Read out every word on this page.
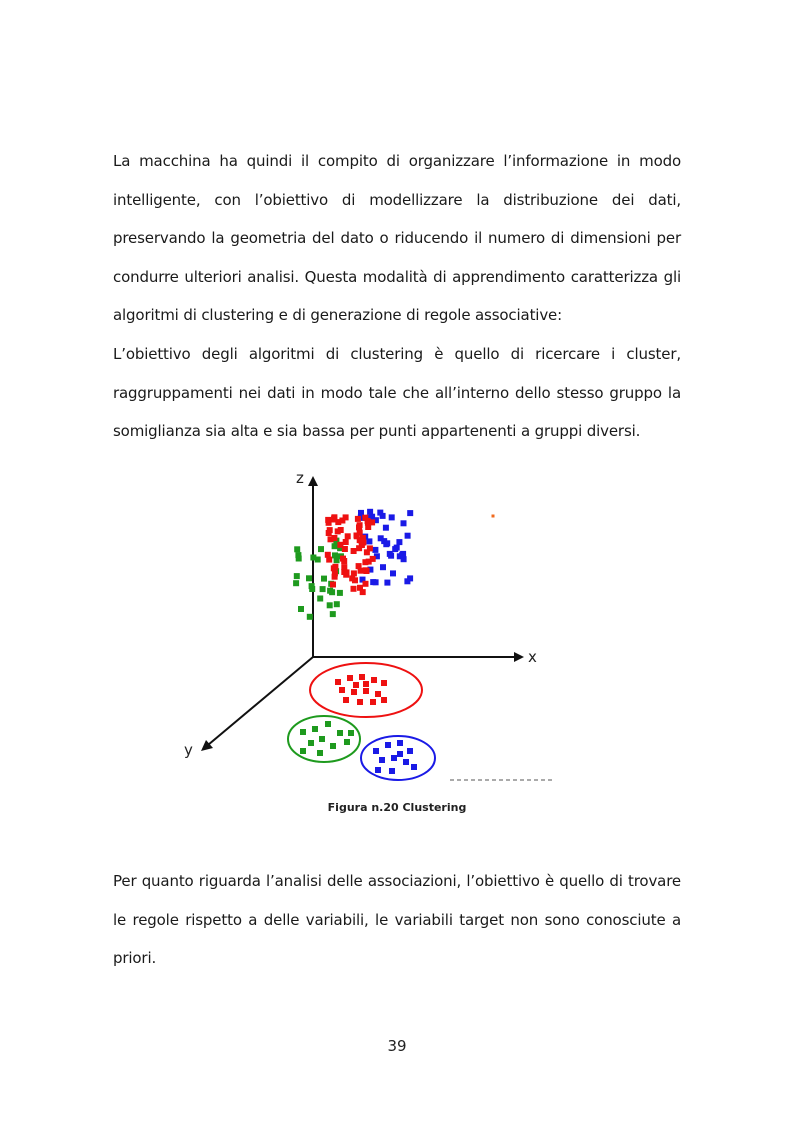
La macchina ha quindi il compito di organizzare l’informazione in modo intelligente, con l’obiettivo di modellizzare la distribuzione dei dati, preservando la geometria del dato o riducendo il numero di dimensioni per condurre ulteriori analisi. Questa modalità di apprendimento caratterizza gli algoritmi di clustering e di generazione di regole associative:

L’obiettivo degli algoritmi di clustering è quello di ricercare i cluster, raggruppamenti nei dati in modo tale che all’interno dello stesso gruppo la somiglianza sia alta e sia bassa per punti appartenenti a gruppi diversi.

z
x
y
Figura n.20 Clustering

Per quanto riguarda l’analisi delle associazioni, l’obiettivo è quello di trovare le regole rispetto a delle variabili, le variabili target non sono conosciute a priori.

39
